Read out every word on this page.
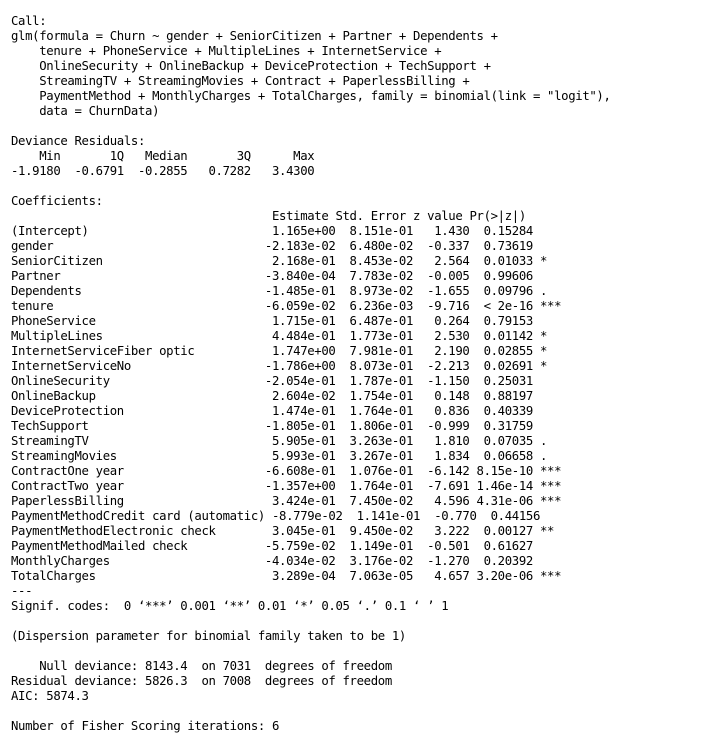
Call:
glm(formula = Churn ~ gender + SeniorCitizen + Partner + Dependents +
tenure + PhoneService + MultipleLines + InternetService +
OnlineSecurity + OnlineBackup + DeviceProtection + TechSupport +
StreamingTV + StreamingMovies + Contract + PaperlessBilling +
PaymentMethod + MonthlyCharges + TotalCharges, family = binomial(link = "logit"),
data = ChurnData)
Deviance Residuals:
Min       1Q   Median       3Q      Max
-1.9180  -0.6791  -0.2855   0.7282   3.4300
Coefficients:
Estimate Std. Error z value Pr(>|z|)
(Intercept)                          1.165e+00  8.151e-01   1.430  0.15284
gender                              -2.183e-02  6.480e-02  -0.337  0.73619
SeniorCitizen                        2.168e-01  8.453e-02   2.564  0.01033 *
Partner                             -3.840e-04  7.783e-02  -0.005  0.99606
Dependents                          -1.485e-01  8.973e-02  -1.655  0.09796 .
tenure                              -6.059e-02  6.236e-03  -9.716  < 2e-16 ***
PhoneService                         1.715e-01  6.487e-01   0.264  0.79153
MultipleLines                        4.484e-01  1.773e-01   2.530  0.01142 *
InternetServiceFiber optic           1.747e+00  7.981e-01   2.190  0.02855 *
InternetServiceNo                   -1.786e+00  8.073e-01  -2.213  0.02691 *
OnlineSecurity                      -2.054e-01  1.787e-01  -1.150  0.25031
OnlineBackup                         2.604e-02  1.754e-01   0.148  0.88197
DeviceProtection                     1.474e-01  1.764e-01   0.836  0.40339
TechSupport                         -1.805e-01  1.806e-01  -0.999  0.31759
StreamingTV                          5.905e-01  3.263e-01   1.810  0.07035 .
StreamingMovies                      5.993e-01  3.267e-01   1.834  0.06658 .
ContractOne year                    -6.608e-01  1.076e-01  -6.142 8.15e-10 ***
ContractTwo year                    -1.357e+00  1.764e-01  -7.691 1.46e-14 ***
PaperlessBilling                     3.424e-01  7.450e-02   4.596 4.31e-06 ***
PaymentMethodCredit card (automatic) -8.779e-02  1.141e-01  -0.770  0.44156
PaymentMethodElectronic check        3.045e-01  9.450e-02   3.222  0.00127 **
PaymentMethodMailed check           -5.759e-02  1.149e-01  -0.501  0.61627
MonthlyCharges                      -4.034e-02  3.176e-02  -1.270  0.20392
TotalCharges                         3.289e-04  7.063e-05   4.657 3.20e-06 ***
---
Signif. codes:  0 ‘***’ 0.001 ‘**’ 0.01 ‘*’ 0.05 ‘.’ 0.1 ‘ ’ 1
(Dispersion parameter for binomial family taken to be 1)
Null deviance: 8143.4  on 7031  degrees of freedom
Residual deviance: 5826.3  on 7008  degrees of freedom
AIC: 5874.3
Number of Fisher Scoring iterations: 6
